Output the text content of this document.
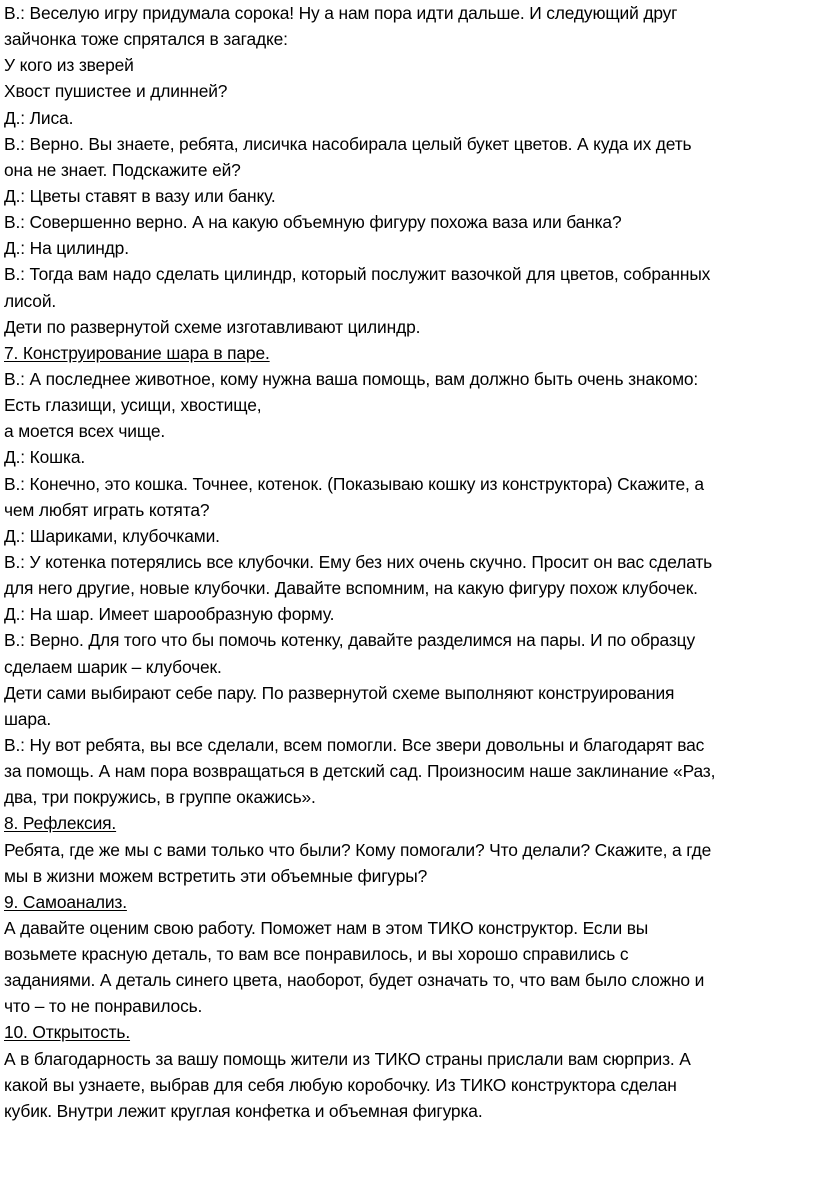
В.: Веселую игру придумала сорока! Ну а нам пора идти дальше. И следующий друг
зайчонка тоже спрятался в загадке:
У кого из зверей
Хвост пушистее и длинней?
Д.: Лиса.
В.: Верно. Вы знаете, ребята, лисичка насобирала целый букет цветов. А куда их деть
она не знает. Подскажите ей?
Д.: Цветы ставят в вазу или банку.
В.: Совершенно верно. А на какую объемную фигуру похожа ваза или банка?
Д.: На цилиндр.
В.: Тогда вам надо сделать цилиндр, который послужит вазочкой для цветов, собранных
лисой.
Дети по развернутой схеме изготавливают цилиндр.
7. Конструирование шара в паре.
В.: А последнее животное, кому нужна ваша помощь, вам должно быть очень знакомо:
Есть глазищи, усищи, хвостище,
а моется всех чище.
Д.: Кошка.
В.: Конечно, это кошка. Точнее, котенок. (Показываю кошку из конструктора) Скажите, а
чем любят играть котята?
Д.: Шариками, клубочками.
В.: У котенка потерялись все клубочки. Ему без них очень скучно. Просит он вас сделать
для него другие, новые клубочки. Давайте вспомним, на какую фигуру похож клубочек.
Д.: На шар. Имеет шарообразную форму.
В.: Верно. Для того что бы помочь котенку, давайте разделимся на пары. И по образцу
сделаем шарик – клубочек.
Дети сами выбирают себе пару. По развернутой схеме выполняют конструирования
шара.
В.: Ну вот ребята, вы все сделали, всем помогли. Все звери довольны и благодарят вас
за помощь. А нам пора возвращаться в детский сад. Произносим наше заклинание «Раз,
два, три покружись, в группе окажись».
8. Рефлексия.
Ребята, где же мы с вами только что были? Кому помогали? Что делали? Скажите, а где
мы в жизни можем встретить эти объемные фигуры?
9. Самоанализ.
А давайте оценим свою работу. Поможет нам в этом ТИКО конструктор. Если вы
возьмете красную деталь, то вам все понравилось, и вы хорошо справились с
заданиями. А деталь синего цвета, наоборот, будет означать то, что вам было сложно и
что – то не понравилось.
10. Открытость.
А в благодарность за вашу помощь жители из ТИКО страны прислали вам сюрприз. А
какой вы узнаете, выбрав для себя любую коробочку. Из ТИКО конструктора сделан
кубик. Внутри лежит круглая конфетка и объемная фигурка.
